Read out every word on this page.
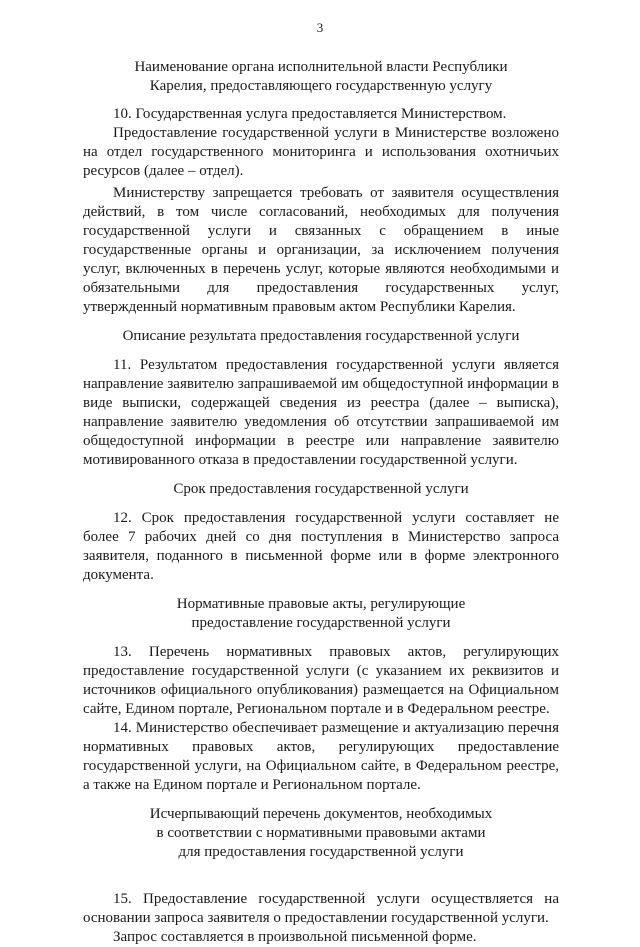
3
Наименование органа исполнительной власти Республики
Карелия, предоставляющего государственную услугу

10. Государственная услуга предоставляется Министерством.

Предоставление государственной услуги в Министерстве возложено на отдел государственного мониторинга и использования охотничьих ресурсов (далее – отдел).

Министерству запрещается требовать от заявителя осуществления действий, в том числе согласований, необходимых для получения государственной услуги и связанных с обращением в иные государственные органы и организации, за исключением получения услуг, включенных в перечень услуг, которые являются необходимыми и обязательными для предоставления государственных услуг, утвержденный нормативным правовым актом Республики Карелия.

Описание результата предоставления государственной услуги

11. Результатом предоставления государственной услуги является направление заявителю запрашиваемой им общедоступной информации в виде выписки, содержащей сведения из реестра (далее – выписка), направление заявителю уведомления об отсутствии запрашиваемой им общедоступной информации в реестре или направление заявителю мотивированного отказа в предоставлении государственной услуги.

Срок предоставления государственной услуги

12. Срок предоставления государственной услуги составляет не более 7 рабочих дней со дня поступления в Министерство запроса заявителя, поданного в письменной форме или в форме электронного документа.

Нормативные правовые акты, регулирующие
предоставление государственной услуги

13. Перечень нормативных правовых актов, регулирующих предоставление государственной услуги (с указанием их реквизитов и источников официального опубликования) размещается на Официальном сайте, Едином портале, Региональном портале и в Федеральном реестре.

14. Министерство обеспечивает размещение и актуализацию перечня нормативных правовых актов, регулирующих предоставление государственной услуги, на Официальном сайте, в Федеральном реестре, а также на Едином портале и Региональном портале.

Исчерпывающий перечень документов, необходимых
в соответствии с нормативными правовыми актами
для предоставления государственной услуги

15. Предоставление государственной услуги осуществляется на основании запроса заявителя о предоставлении государственной услуги.

Запрос составляется в произвольной письменной форме.
